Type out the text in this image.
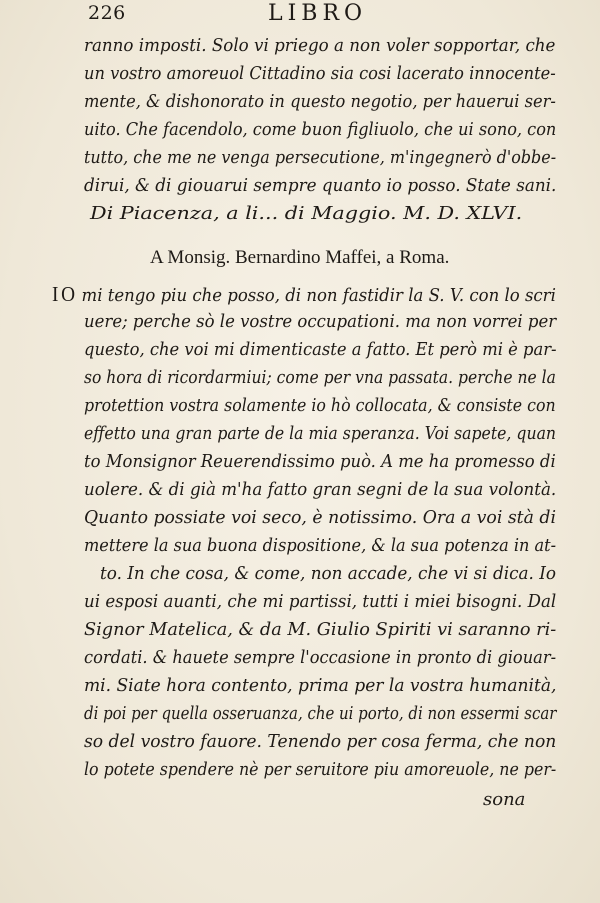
226	LIBRO
ranno imposti. Solo vi priego a non voler sopportar, che
un vostro amoreuol Cittadino sia cosi lacerato innocente-
mente, & dishonorato in questo negotio, per hauerui ser-
uito. Che facendolo, come buon figliuolo, che ui sono, con
tutto, che me ne venga persecutione, m'ingegnerò d'obbe-
dirui, & di giouarui sempre quanto io posso. State sani.
Di Piacenza, a li... di Maggio. M. D. XLVI.
A Monsig. Bernardino Maffei, a Roma.
IO mi tengo piu che posso, di non fastidir la S. V. con lo scri
uere; perche sò le vostre occupationi. ma non vorrei per
questo, che voi mi dimenticaste a fatto. Et però mi è par-
so hora di ricordarmiui; come per vna passata. perche ne la
protettion vostra solamente io hò collocata, & consiste con
effetto una gran parte de la mia speranza. Voi sapete, quan
to Monsignor Reuerendissimo può. A me ha promesso di
uolere. & di già m'ha fatto gran segni de la sua volontà.
Quanto possiate voi seco, è notissimo. Ora a voi stà di
mettere la sua buona dispositione, & la sua potenza in at-
to. In che cosa, & come, non accade, che vi si dica. Io
ui esposi auanti, che mi partissi, tutti i miei bisogni. Dal
Signor Matelica, & da M. Giulio Spiriti vi saranno ri-
cordati. & hauete sempre l'occasione in pronto di giouar-
mi. Siate hora contento, prima per la vostra humanità,
di poi per quella osseruanza, che ui porto, di non essermi scar
so del vostro fauore. Tenendo per cosa ferma, che non
lo potete spendere nè per seruitore piu amoreuole, ne per-
sona
